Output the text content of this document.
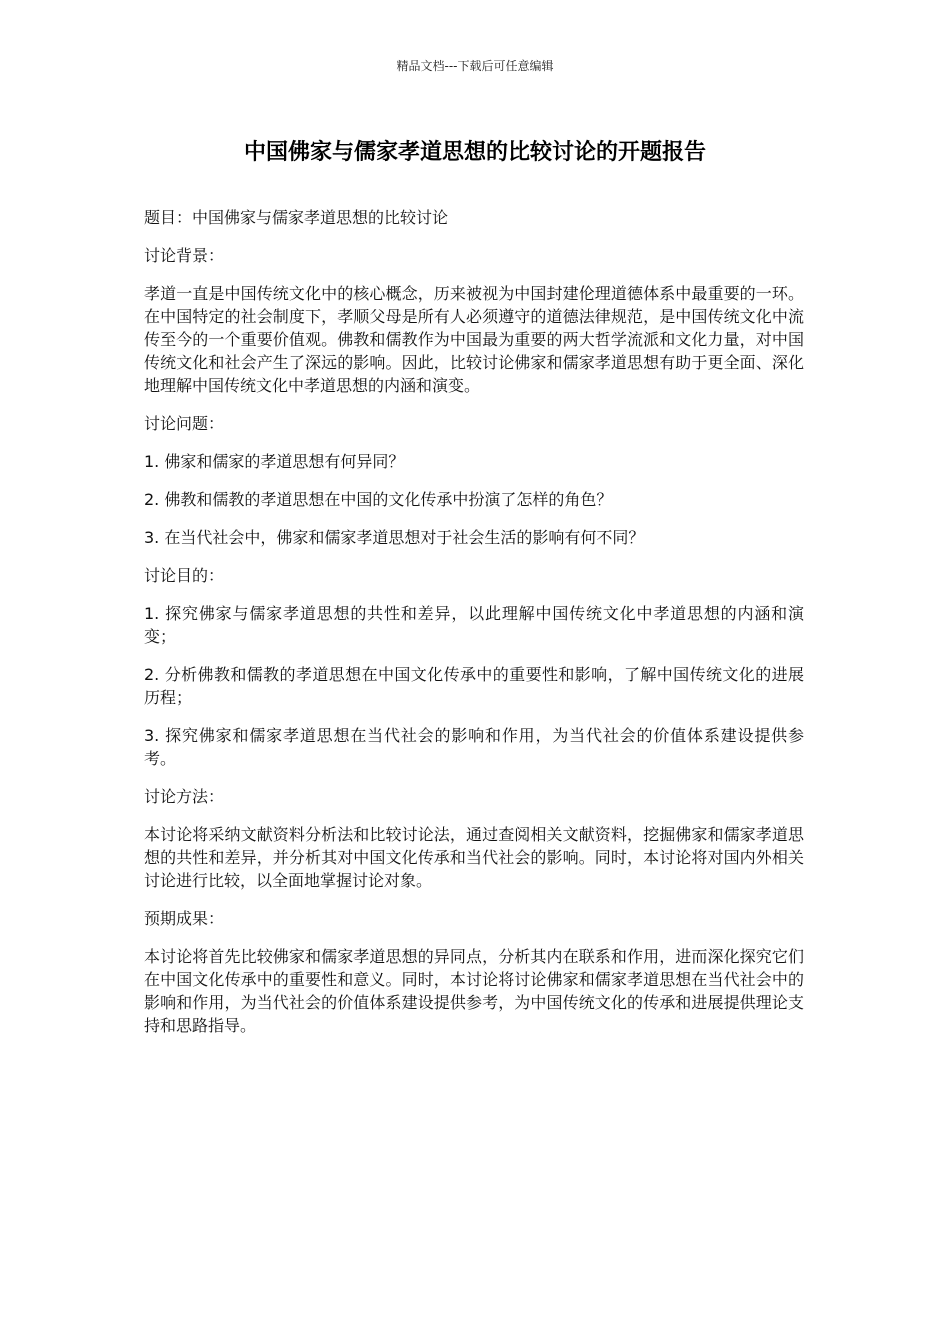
精品文档---下载后可任意编辑
中国佛家与儒家孝道思想的比较讨论的开题报告

题目：中国佛家与儒家孝道思想的比较讨论

讨论背景：

孝道一直是中国传统文化中的核心概念，历来被视为中国封建伦理道德体系中最重要的一环。在中国特定的社会制度下，孝顺父母是所有人必须遵守的道德法律规范，是中国传统文化中流传至今的一个重要价值观。佛教和儒教作为中国最为重要的两大哲学流派和文化力量，对中国传统文化和社会产生了深远的影响。因此，比较讨论佛家和儒家孝道思想有助于更全面、深化地理解中国传统文化中孝道思想的内涵和演变。

讨论问题：

1. 佛家和儒家的孝道思想有何异同？

2. 佛教和儒教的孝道思想在中国的文化传承中扮演了怎样的角色？

3. 在当代社会中，佛家和儒家孝道思想对于社会生活的影响有何不同？

讨论目的：

1. 探究佛家与儒家孝道思想的共性和差异，以此理解中国传统文化中孝道思想的内涵和演变；

2. 分析佛教和儒教的孝道思想在中国文化传承中的重要性和影响，了解中国传统文化的进展历程；

3. 探究佛家和儒家孝道思想在当代社会的影响和作用，为当代社会的价值体系建设提供参考。

讨论方法：

本讨论将采纳文献资料分析法和比较讨论法，通过查阅相关文献资料，挖掘佛家和儒家孝道思想的共性和差异，并分析其对中国文化传承和当代社会的影响。同时，本讨论将对国内外相关讨论进行比较，以全面地掌握讨论对象。

预期成果：

本讨论将首先比较佛家和儒家孝道思想的异同点，分析其内在联系和作用，进而深化探究它们在中国文化传承中的重要性和意义。同时，本讨论将讨论佛家和儒家孝道思想在当代社会中的影响和作用，为当代社会的价值体系建设提供参考，为中国传统文化的传承和进展提供理论支持和思路指导。
